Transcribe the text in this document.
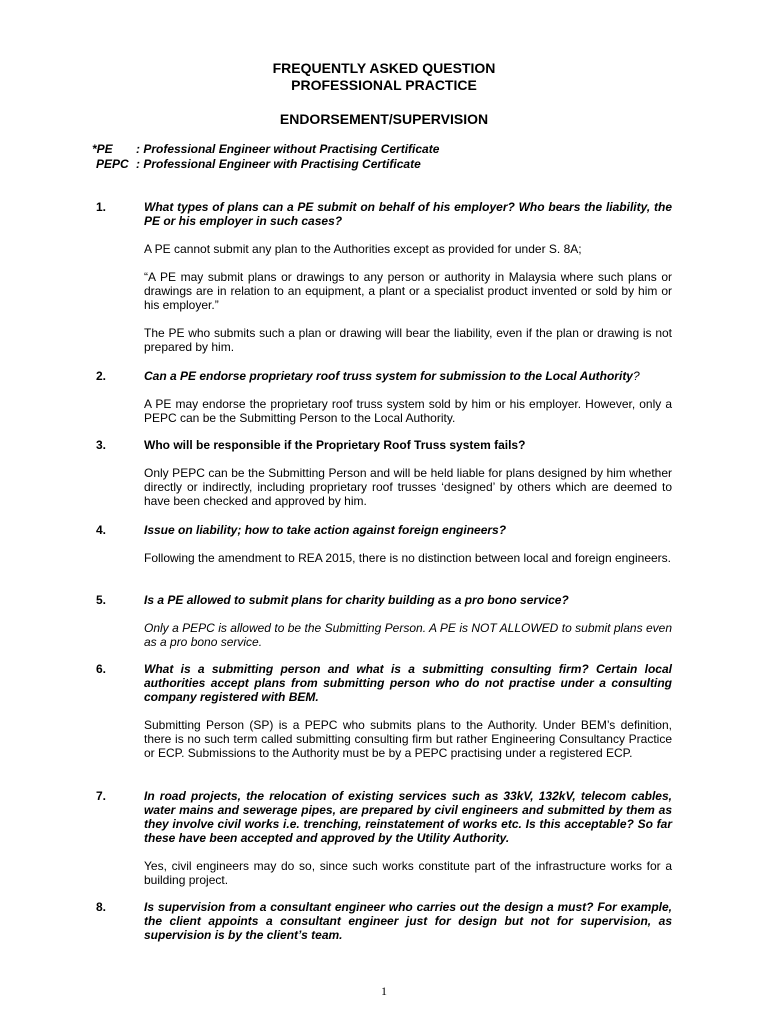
FREQUENTLY ASKED QUESTION
PROFESSIONAL PRACTICE
ENDORSEMENT/SUPERVISION
*PE	: Professional Engineer without Practising Certificate
PEPC : Professional Engineer with Practising Certificate
1.	What types of plans can a PE submit on behalf of his employer? Who bears the liability, the PE or his employer in such cases?
A PE cannot submit any plan to the Authorities except as provided for under S. 8A;
“A PE may submit plans or drawings to any person or authority in Malaysia where such plans or drawings are in relation to an equipment, a plant or a specialist product invented or sold by him or his employer.”
The PE who submits such a plan or drawing will bear the liability, even if the plan or drawing is not prepared by him.
2.	Can a PE endorse proprietary roof truss system for submission to the Local Authority?
A PE may endorse the proprietary roof truss system sold by him or his employer. However, only a PEPC can be the Submitting Person to the Local Authority.
3.	Who will be responsible if the Proprietary Roof Truss system fails?
Only PEPC can be the Submitting Person and will be held liable for plans designed by him whether directly or indirectly, including proprietary roof trusses ‘designed’ by others which are deemed to have been checked and approved by him.
4.	Issue on liability; how to take action against foreign engineers?
Following the amendment to REA 2015, there is no distinction between local and foreign engineers.
5.	Is a PE allowed to submit plans for charity building as a pro bono service?
Only a PEPC is allowed to be the Submitting Person. A PE is NOT ALLOWED to submit plans even as a pro bono service.
6.	What is a submitting person and what is a submitting consulting firm? Certain local authorities accept plans from submitting person who do not practise under a consulting company registered with BEM.
Submitting Person (SP) is a PEPC who submits plans to the Authority. Under BEM’s definition, there is no such term called submitting consulting firm but rather Engineering Consultancy Practice or ECP. Submissions to the Authority must be by a PEPC practising under a registered ECP.
7.	In road projects, the relocation of existing services such as 33kV, 132kV, telecom cables, water mains and sewerage pipes, are prepared by civil engineers and submitted by them as they involve civil works i.e. trenching, reinstatement of works etc. Is this acceptable? So far these have been accepted and approved by the Utility Authority.
Yes, civil engineers may do so, since such works constitute part of the infrastructure works for a building project.
8.	Is supervision from a consultant engineer who carries out the design a must? For example, the client appoints a consultant engineer just for design but not for supervision, as supervision is by the client’s team.
1
